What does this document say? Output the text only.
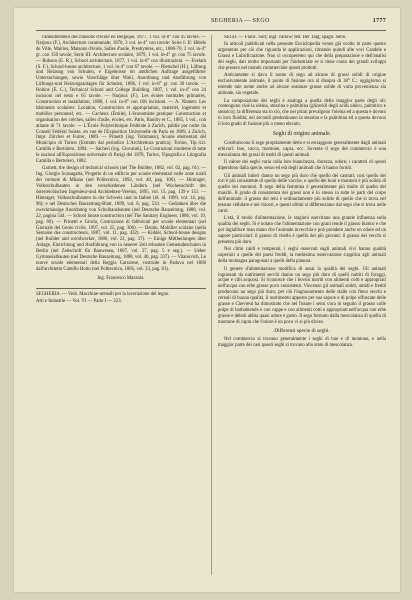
SEGHERIA — SEGO	1777

l'ameublement des maisons d'école en Belgique, 1877, 1 vol. in-8° con 45 tavole. — Narjoux (F.), Architecture communale; 1870, 3 vol. in-4° con tavole: Serie I: II: Hôtels de Ville, Mairies, Maisons d'école, Salles d'asile, Presbytères, etc., 1880-70, 2 vol. in-4° gr. con 150 tavole; Serie III: Architecture scolaire, 1879, 1 vol. in-4° gr. con 75 tavole. — Robson (E. R.), School architecture, 1877, 1 vol. in-8° con illustrazioni. — Evelath (S. F.), School-house architecture, 1 vol. in-4° con 67 tavole. — Rietschel (H.), Lüftung und Heizung von Schulen, e Ergebnisse im amtlichen Auftrage ausgeführter Untersuchungen, sowie Vorschläge über Wahl, Anordnung und Ausführung von Lüftungs-und Heizungsanlagen für Schulen, 1886, 1 vol. in-8° gr. con 30 tavole. — Robins (E. C.), Technical School and College Building, 1887, 1 vol. in-4° con 24 incisioni nel testo e 65 tavole. — Narjoux (F.), Les écoles normales primaires, Construction et installation, 1880, 1 vol. in-8° con 106 incisioni. — A. Nomen: Les bâtiments scolaires: Location, Construction et appropriation, matériel, logement et mobilier personnel, etc. — Cacheux (Émile), L'économiste pratique: Construction et organisation des crèches, salles d'asile, écoles, etc. Paris, Baudry et C., 1885, 1 vol., con atlante di 71 tavole. — L'École Polytechnique Fédérale à Zurich, publié par ordre du Conseil Fédéral Suisse, en vue de l'Exposition Universelle de Paris en 1889, à Zurich, Impr. Zürcher et Furrer, 1889. — Prinetti (ing. Tommaso), Scuole elementari del Municipio di Torino (Estratto dal periodico L'Architettura pratica), Torino, Tip.-Lit. Camilla e Bertolero, 1894. — Sacheri (ing. Giovanni), Le Costruzioni moderne di tutte le nazioni all'Esposizione universale di Parigi del 1878, Torino, Tipografia e Litografia Camilla e Bertolero, 1882.

Garnett, the design of technical schools (nel The Builder, 1882, vol. 62, pag. 61). — Ing. Giorgio Scanagatta, Progetto di un edificio per scuole elementari nelle zone rurali dei comune di Milano (nel Politecnico, 1892, vol. 40, pag. 106). — Hintrager, Volksschulbauten in den verschiedenen Ländern (nel Wochenschrift des österreichischen Ingenieur-und Architekten-Vereins, 1895, vol. 15, pag. 139 e 151. — Hintrager, Volksschulbauten in der Schweiz und in Italien (id. id. 1899, vol. 14, pag. 96); e nel Deutsches Bauzeitung-Blatt, 1889, vol. 8, pag. 533. — Gedanken über die zweckmässige Anordnung von Schulhausbauten (nel Deutsche Bauzeitung, 1888, vol. 22, pagina 544. — School house construction (nel The Sanitary Engineer, 1886, vol. 19, pag. 60). — Prinetti e Girola, Costruzione di fabbricati per scuole elementari (nel Giornale del Genio civile, 1897, vol. 25, pag. 306). — Detain, Mobilier scolaire (nella Semaine des constructeurs, 1887, vol. 11, pag. 432). — Kidder, School-house designs (nel Builder and woodworker, 1886, vol. 22, pag. 37). — Einige Mittheilungen über Anlage, Einrichtung und Ausführung von in neuerer Zeit erbauten Gemeindeschulen in Berlin (nel Zeitschrift für Bauwesen, 1887, vol. 37, pag. 5 e seg.). — Ueber Gymnasialbauten (nel Deutsche Bauzeitung, 1888, vol. 40, pag. 337). — Vitanovich, Le nuove scuole elementari della Reggia Carrarese, costruite in Padova nel 1880 dall'architetto Camillo Boito (nel Politecnico, 1885, vol. 33, pag. 81).

Ing. Francesco Mazzola.

SEGHERIA. — Vedi. Macchine-utensili per la lavorazione del legno.

Arti e Industrie — Vol. VI — Parte I — 223.

SEGO. — Franc. Suif; ingl. Tallow; ted. Der Talg; spagn. Sebo.

In articoli pubblicati nella presente Enciclopedia venne già svolto in parte questo argomento per ciò che riguarda le applicazioni, rimando quindi alle voci Candele e Grassi e Lubrificazione. Non ci occuperemo qui che della preparazione e dell'analisi dei seghi, dati molto importanti per l'industriale se si tiene conto dei grandi sviluppi che presero nel mondo commerciale questi prodotti.

Anticamente si dava il nome di sego ad alcune di grassi solidi di origine esclusivamente animale, il punto di fusione ora al disopra di 38° C.; oggigiorno si estende tale nome anche ad alcune sostanze grasse solide di varia provenienza sia animale, sia vegetale.

La composizione dei seghi è analoga a quella della maggior parte degli oli: contengono cioè la oleina, stearina e palmitina (gliceridi degli acidi oleico, palmitico e stearico); la differenza sta in ciò, che nei primi prevalgono l'oleina ed a questa è dovuto lo loro fluidità; nei secondi predominano la stearina e la palmitina ed a questa devono il loro grado di fusione più o meno elevato.

Seghi di origine animale.

Costituiscono il sego propriamente detto e si estraggono generalmente dagli animali erbivori: bue, vacca, montone, capra, ecc. Sovente il sego del commercio è una mescolanza dei grassi di molti di questi animali.

Il valore dei seghi varia colla loro bianchezza, durezza, odore; i caratteri di questi dipendono dalla specie, sesso ed età degli animali che li hanno forniti.

Gli animali intieri danno un sego più duro che quello dei castrati; così quello dei tori è più consistente di quello delle vacche, e quello dei buoi e montoni è più solido di quello dei montoni. Il sego della femmina è generalmente più molle di quello dei maschi. Il grado di consistenza dei grassi non è lo stesso in tutte le parti del corpo dell'animale: il grasso dei reni è ordinariamente più solido di quello che si trova nel tessuto cellulare e nei visceri, e questi ultimi si differenziano dal sego che si trova nelle carni.

L'età, il modo d'alimentazione, le stagioni esercitano una grande influenza sulla qualità dei seghi. Si è notato che l'alimentazione con grani rende il grasso bianco e che poi ingiallisce man mano che l'animale invecchia e può prendere anche un odore ed un sapore particolari: il grasso di vitello è quello dei più giovani: il grasso dei vecchi si presenta più duro.

Nei climi caldi e temperati, i seghi osservati sugli animali vivi hanno qualità superiori a quelle dei paesi freddi, la medesima osservazione s'applica agli animali della montagna paragonati a quelli della pianura.

Il genere d'alimentazione modifica di assai la qualità dei seghi. Gli animali ingrassati da nutrimenti secchi danno un sego più duro di quelli nutriti di foraggi, acque e cibi acquosi. Si riconosce che i bovini nutriti con alimenti cotti e appropriati nell'acqua con erbe grasse poco consistenti. Vincenzo gli animali solidi, umidi e freddi producono un sego più duro; per ciò l'ingrassamento delle stalle con fieno secchi e cereali di buona qualità, il nutrimento apposto per sua sapore e di polpe offuscate delle grasse e Chevreul ha dimostrato che nel fissare i semi s'ora in seguito il grasso colle polpe di barbabietole e con cappe e con alimenti cotti e appropriati nell'acqua con erbe grasse e deboli abbia quasi odore e gusto. Il sego formato dalla mescolanza di quello di montone di capra che l'odore è un poco vi si più diviso.

Differenti specie di seghi.

Nel commercio si trovano generalmente i seghi di bue e di montone, e nella maggior parte dei casi questi seghi si trovano allo stato di mescolanza.
